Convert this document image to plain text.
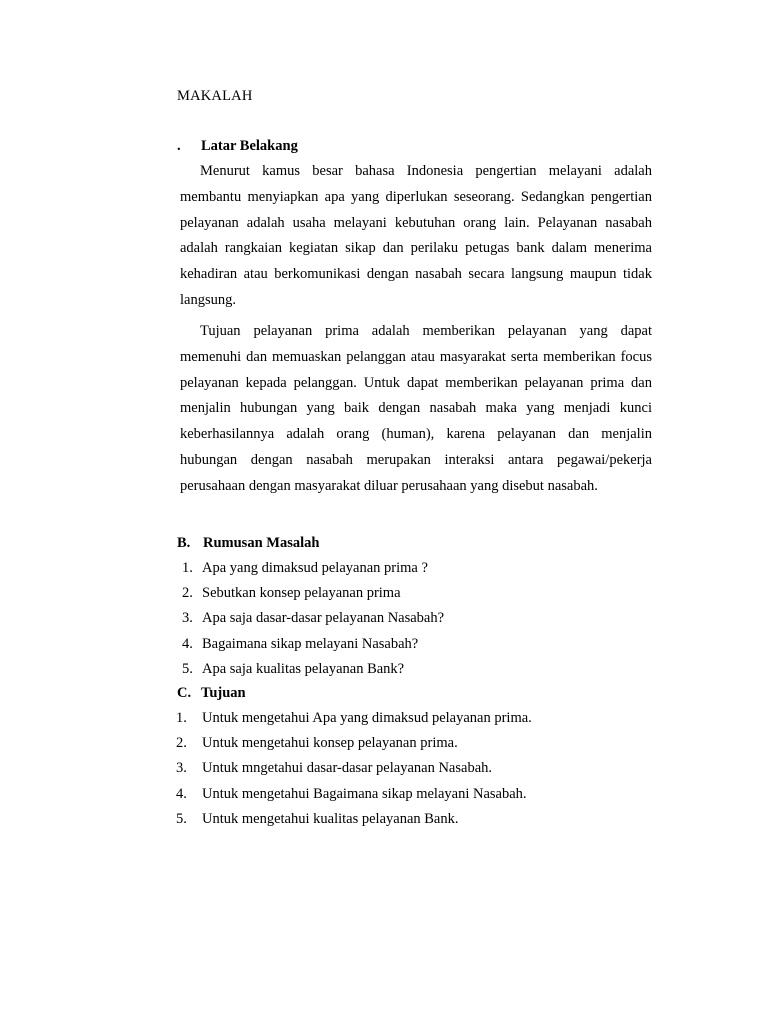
MAKALAH
. Latar Belakang

Menurut kamus besar bahasa Indonesia pengertian melayani adalah membantu menyiapkan apa yang diperlukan seseorang. Sedangkan pengertian pelayanan adalah usaha melayani kebutuhan orang lain. Pelayanan nasabah adalah rangkaian kegiatan sikap dan perilaku petugas bank dalam menerima kehadiran atau berkomunikasi dengan nasabah secara langsung maupun tidak langsung.

Tujuan pelayanan prima adalah memberikan pelayanan yang dapat memenuhi dan memuaskan pelanggan atau masyarakat serta memberikan focus pelayanan kepada pelanggan. Untuk dapat memberikan pelayanan prima dan menjalin hubungan yang baik dengan nasabah maka yang menjadi kunci keberhasilannya adalah orang (human), karena pelayanan dan menjalin hubungan dengan nasabah merupakan interaksi antara pegawai/pekerja perusahaan dengan masyarakat diluar perusahaan yang disebut nasabah.

B. Rumusan Masalah
1. Apa yang dimaksud pelayanan prima ?
2. Sebutkan konsep pelayanan prima
3. Apa saja dasar-dasar pelayanan Nasabah?
4. Bagaimana sikap melayani Nasabah?
5. Apa saja kualitas pelayanan Bank?
C. Tujuan
1. Untuk mengetahui Apa yang dimaksud pelayanan prima.
2. Untuk mengetahui konsep pelayanan prima.
3. Untuk mngetahui dasar-dasar pelayanan Nasabah.
4. Untuk mengetahui Bagaimana sikap melayani Nasabah.
5. Untuk mengetahui kualitas pelayanan Bank.
